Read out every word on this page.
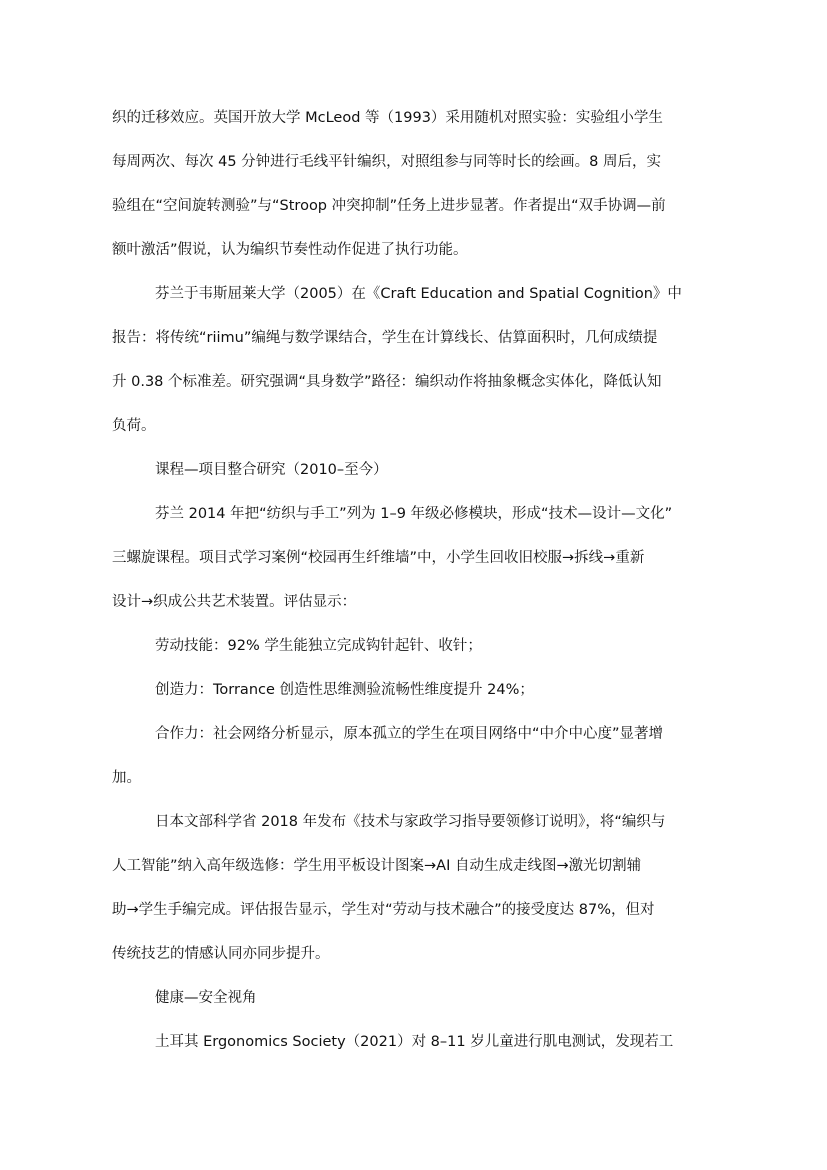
织的迁移效应。英国开放大学 McLeod 等（1993）采用随机对照实验：实验组小学生
每周两次、每次 45 分钟进行毛线平针编织，对照组参与同等时长的绘画。8 周后，实
验组在“空间旋转测验”与“Stroop 冲突抑制”任务上进步显著。作者提出“双手协调—前
额叶激活”假说，认为编织节奏性动作促进了执行功能。
芬兰于韦斯屈莱大学（2005）在《Craft Education and Spatial Cognition》中
报告：将传统“riimu”编绳与数学课结合，学生在计算线长、估算面积时，几何成绩提
升 0.38 个标准差。研究强调“具身数学”路径：编织动作将抽象概念实体化，降低认知
负荷。
课程—项目整合研究（2010–至今）
芬兰 2014 年把“纺织与手工”列为 1–9 年级必修模块，形成“技术—设计—文化”
三螺旋课程。项目式学习案例“校园再生纤维墙”中，小学生回收旧校服→拆线→重新
设计→织成公共艺术装置。评估显示：
劳动技能：92% 学生能独立完成钩针起针、收针；
创造力：Torrance 创造性思维测验流畅性维度提升 24%；
合作力：社会网络分析显示，原本孤立的学生在项目网络中“中介中心度”显著增
加。
日本文部科学省 2018 年发布《技术与家政学习指导要领修订说明》，将“编织与
人工智能”纳入高年级选修：学生用平板设计图案→AI 自动生成走线图→激光切割辅
助→学生手编完成。评估报告显示，学生对“劳动与技术融合”的接受度达 87%，但对
传统技艺的情感认同亦同步提升。
健康—安全视角
土耳其 Ergonomics Society（2021）对 8–11 岁儿童进行肌电测试，发现若工
